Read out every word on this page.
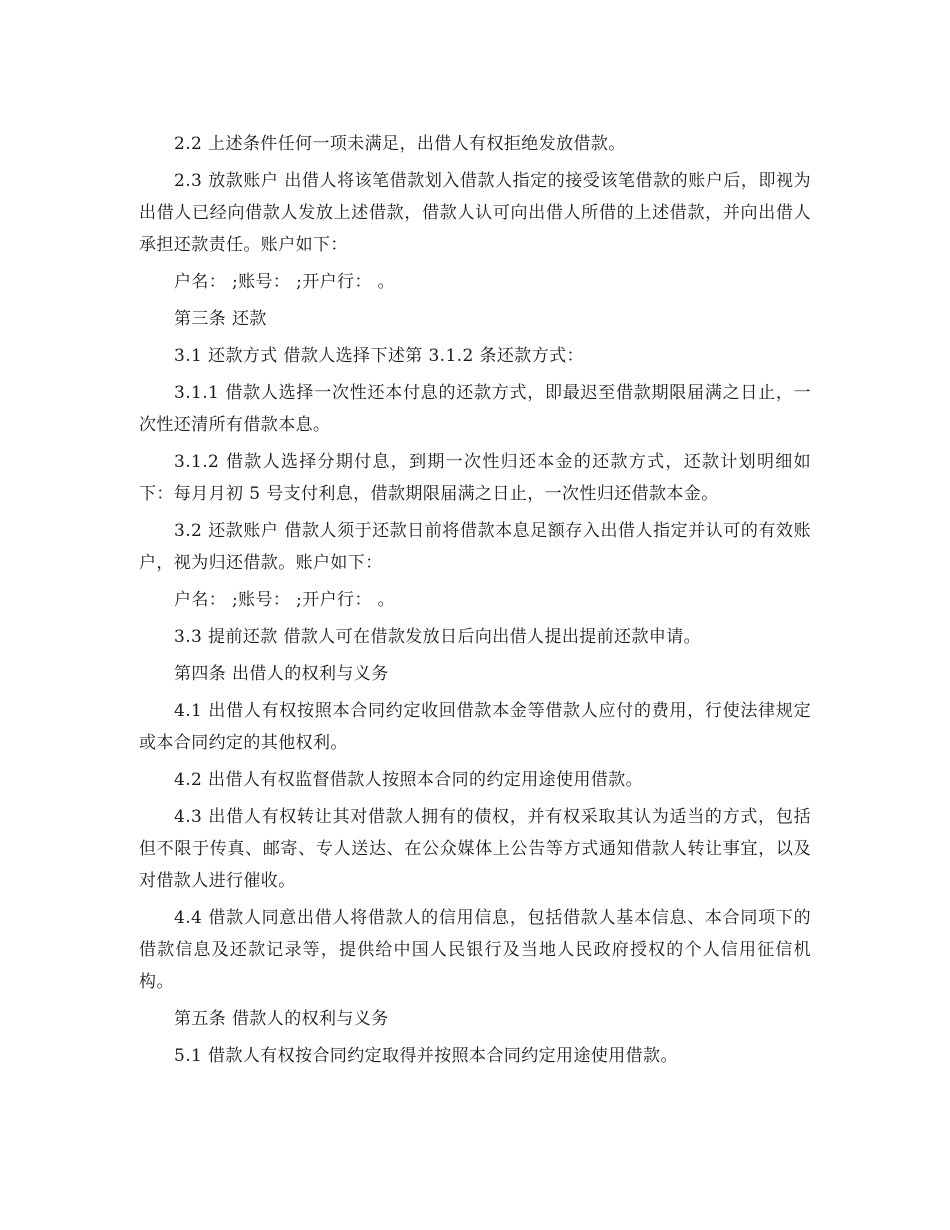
2.2 上述条件任何一项未满足，出借人有权拒绝发放借款。

2.3 放款账户 出借人将该笔借款划入借款人指定的接受该笔借款的账户后，即视为出借人已经向借款人发放上述借款，借款人认可向出借人所借的上述借款，并向出借人承担还款责任。账户如下：

户名： ;账号： ;开户行： 。

第三条 还款

3.1 还款方式 借款人选择下述第 3.1.2 条还款方式：

3.1.1 借款人选择一次性还本付息的还款方式，即最迟至借款期限届满之日止，一次性还清所有借款本息。

3.1.2 借款人选择分期付息，到期一次性归还本金的还款方式，还款计划明细如下：每月月初 5 号支付利息，借款期限届满之日止，一次性归还借款本金。

3.2 还款账户 借款人须于还款日前将借款本息足额存入出借人指定并认可的有效账户，视为归还借款。账户如下：

户名： ;账号： ;开户行： 。

3.3 提前还款 借款人可在借款发放日后向出借人提出提前还款申请。

第四条 出借人的权利与义务

4.1 出借人有权按照本合同约定收回借款本金等借款人应付的费用，行使法律规定或本合同约定的其他权利。

4.2 出借人有权监督借款人按照本合同的约定用途使用借款。

4.3 出借人有权转让其对借款人拥有的债权，并有权采取其认为适当的方式，包括但不限于传真、邮寄、专人送达、在公众媒体上公告等方式通知借款人转让事宜，以及对借款人进行催收。

4.4 借款人同意出借人将借款人的信用信息，包括借款人基本信息、本合同项下的借款信息及还款记录等，提供给中国人民银行及当地人民政府授权的个人信用征信机构。

第五条 借款人的权利与义务

5.1 借款人有权按合同约定取得并按照本合同约定用途使用借款。
